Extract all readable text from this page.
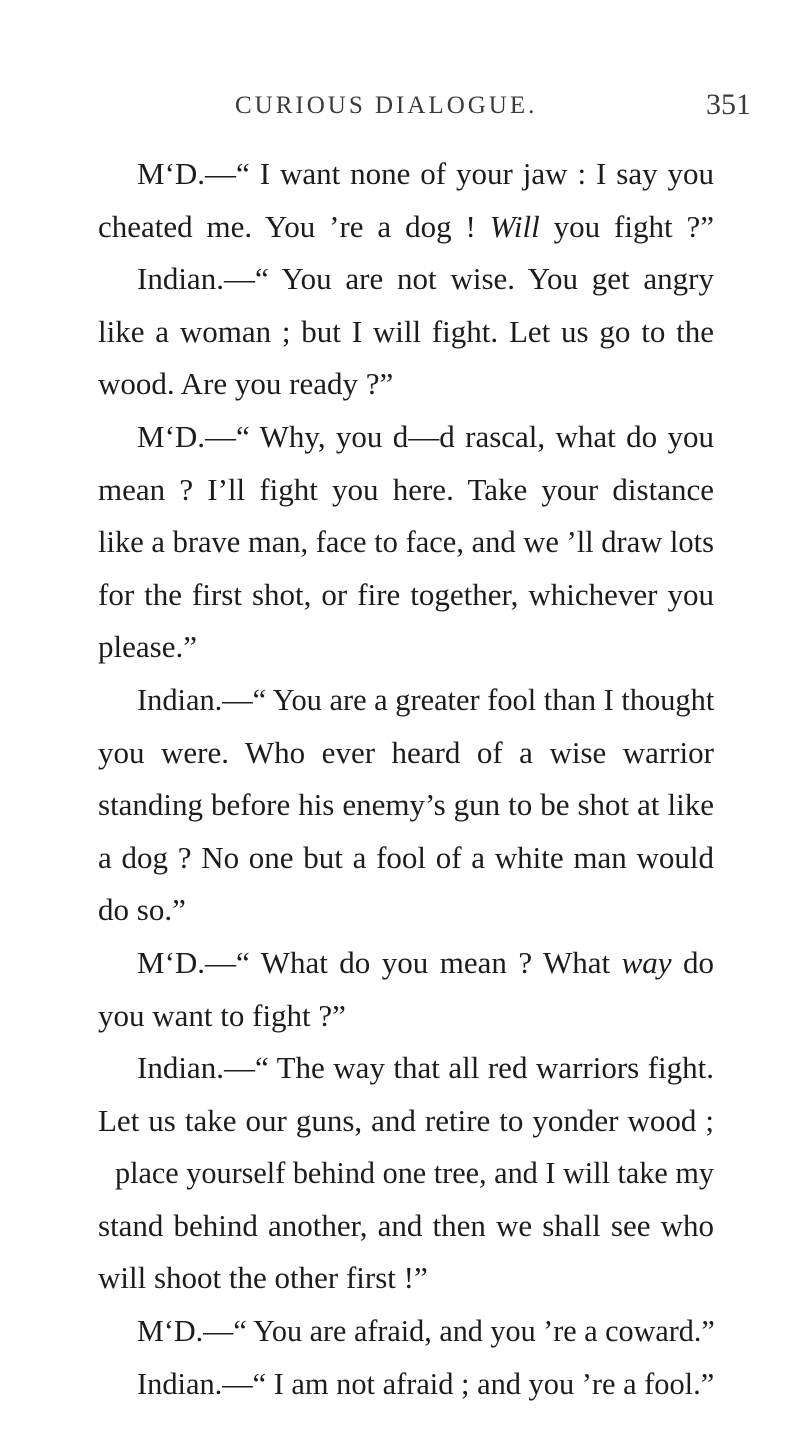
CURIOUS DIALOGUE.	351
M‘D.—“ I want none of your jaw : I say you
cheated me. You ’re a dog ! Will you fight ?”
Indian.—“ You are not wise. You get angry
like a woman ; but I will fight. Let us go to the
wood. Are you ready ?”
M‘D.—“ Why, you d—d rascal, what do you
mean ? I’ll fight you here. Take your distance
like a brave man, face to face, and we ’ll draw lots
for the first shot, or fire together, whichever you
please.”
Indian.—“ You are a greater fool than I thought
you were. Who ever heard of a wise warrior
standing before his enemy’s gun to be shot at like
a dog ? No one but a fool of a white man would
do so.”
M‘D.—“ What do you mean ? What way do
you want to fight ?”
Indian.—“ The way that all red warriors fight.
Let us take our guns, and retire to yonder wood ;
place yourself behind one tree, and I will take my
stand behind another, and then we shall see who
will shoot the other first !”
M‘D.—“ You are afraid, and you ’re a coward.”
Indian.—“ I am not afraid ; and you ’re a fool.”
